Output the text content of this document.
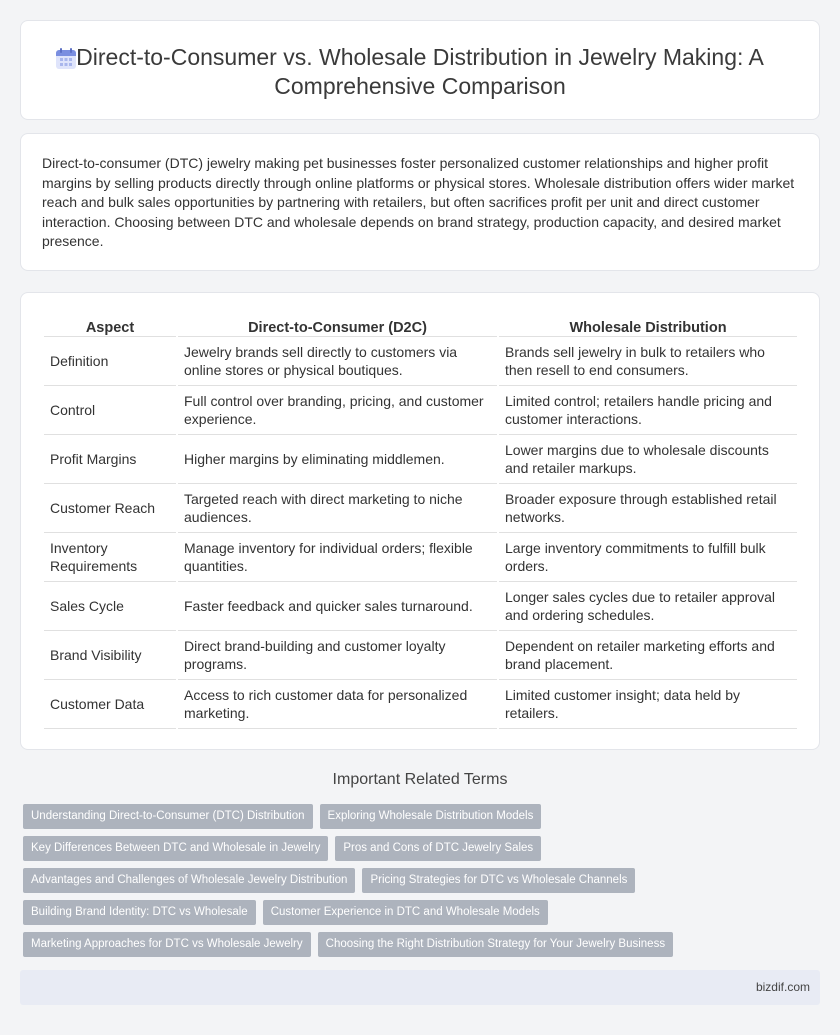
Direct-to-Consumer vs. Wholesale Distribution in Jewelry Making: A Comprehensive Comparison

Direct-to-consumer (DTC) jewelry making pet businesses foster personalized customer relationships and higher profit margins by selling products directly through online platforms or physical stores. Wholesale distribution offers wider market reach and bulk sales opportunities by partnering with retailers, but often sacrifices profit per unit and direct customer interaction. Choosing between DTC and wholesale depends on brand strategy, production capacity, and desired market presence.

Aspect	Direct-to-Consumer (D2C)	Wholesale Distribution
Definition	Jewelry brands sell directly to customers via online stores or physical boutiques.	Brands sell jewelry in bulk to retailers who then resell to end consumers.
Control	Full control over branding, pricing, and customer experience.	Limited control; retailers handle pricing and customer interactions.
Profit Margins	Higher margins by eliminating middlemen.	Lower margins due to wholesale discounts and retailer markups.
Customer Reach	Targeted reach with direct marketing to niche audiences.	Broader exposure through established retail networks.
Inventory Requirements	Manage inventory for individual orders; flexible quantities.	Large inventory commitments to fulfill bulk orders.
Sales Cycle	Faster feedback and quicker sales turnaround.	Longer sales cycles due to retailer approval and ordering schedules.
Brand Visibility	Direct brand-building and customer loyalty programs.	Dependent on retailer marketing efforts and brand placement.
Customer Data	Access to rich customer data for personalized marketing.	Limited customer insight; data held by retailers.
Important Related Terms
Understanding Direct-to-Consumer (DTC) Distribution	Exploring Wholesale Distribution Models
Key Differences Between DTC and Wholesale in Jewelry	Pros and Cons of DTC Jewelry Sales
Advantages and Challenges of Wholesale Jewelry Distribution	Pricing Strategies for DTC vs Wholesale Channels
Building Brand Identity: DTC vs Wholesale	Customer Experience in DTC and Wholesale Models
Marketing Approaches for DTC vs Wholesale Jewelry	Choosing the Right Distribution Strategy for Your Jewelry Business
bizdif.com
